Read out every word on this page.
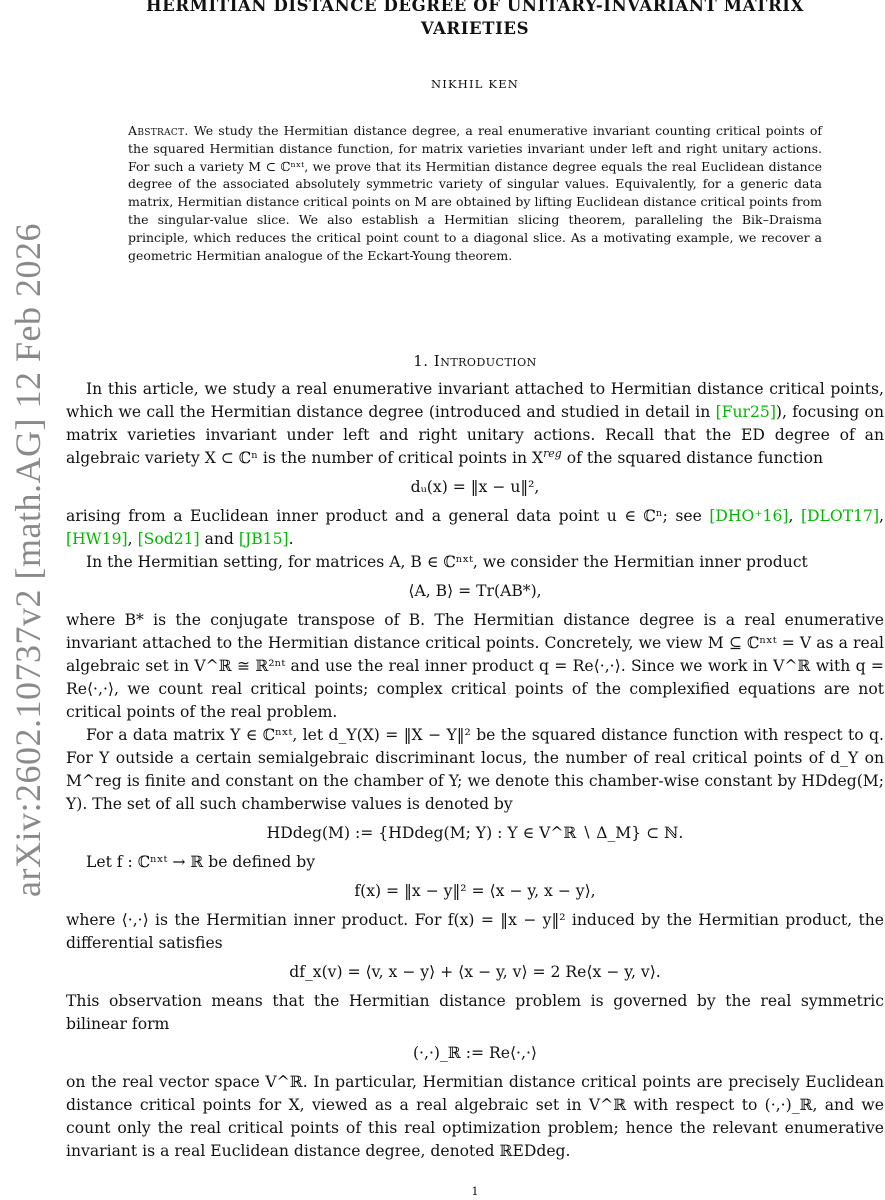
arXiv:2602.10737v2 [math.AG] 12 Feb 2026
HERMITIAN DISTANCE DEGREE OF UNITARY-INVARIANT MATRIX
VARIETIES
NIKHIL KEN
Abstract. We study the Hermitian distance degree, a real enumerative invariant counting critical points of the squared Hermitian distance function, for matrix varieties invariant under left and right unitary actions. For such a variety M ⊂ ℂⁿˣᵗ, we prove that its Hermitian distance degree equals the real Euclidean distance degree of the associated absolutely symmetric variety of singular values. Equivalently, for a generic data matrix, Hermitian distance critical points on M are obtained by lifting Euclidean distance critical points from the singular-value slice. We also establish a Hermitian slicing theorem, paralleling the Bik–Draisma principle, which reduces the critical point count to a diagonal slice. As a motivating example, we recover a geometric Hermitian analogue of the Eckart-Young theorem.
1. Introduction

In this article, we study a real enumerative invariant attached to Hermitian distance critical points, which we call the Hermitian distance degree (introduced and studied in detail in [Fur25]), focusing on matrix varieties invariant under left and right unitary actions. Recall that the ED degree of an algebraic variety X ⊂ ℂⁿ is the number of critical points in $X^{reg}$ of the squared distance function

dᵤ(x) = ‖x − u‖²,

arising from a Euclidean inner product and a general data point u ∈ ℂⁿ; see [DHO⁺16], [DLOT17], [HW19], [Sod21] and [JB15].

In the Hermitian setting, for matrices A, B ∈ ℂⁿˣᵗ, we consider the Hermitian inner product

⟨A, B⟩ = Tr(AB*),

where B* is the conjugate transpose of B. The Hermitian distance degree is a real enumerative invariant attached to the Hermitian distance critical points. Concretely, we view M ⊆ ℂⁿˣᵗ = V as a real algebraic set in V^ℝ ≅ ℝ²ⁿᵗ and use the real inner product q = Re⟨·,·⟩. Since we work in V^ℝ with q = Re⟨·,·⟩, we count real critical points; complex critical points of the complexified equations are not critical points of the real problem.

For a data matrix Y ∈ ℂⁿˣᵗ, let d_Y(X) = ‖X − Y‖² be the squared distance function with respect to q. For Y outside a certain semialgebraic discriminant locus, the number of real critical points of d_Y on M^reg is finite and constant on the chamber of Y; we denote this chamber-wise constant by HDdeg(M; Y). The set of all such chamberwise values is denoted by

HDdeg(M) := {HDdeg(M; Y) : Y ∈ V^ℝ ∖ Δ_M} ⊂ ℕ.

Let f : ℂⁿˣᵗ → ℝ be defined by

f(x) = ‖x − y‖² = ⟨x − y, x − y⟩,

where ⟨·,·⟩ is the Hermitian inner product. For f(x) = ‖x − y‖² induced by the Hermitian product, the differential satisfies

df_x(v) = ⟨v, x − y⟩ + ⟨x − y, v⟩ = 2 Re⟨x − y, v⟩.

This observation means that the Hermitian distance problem is governed by the real symmetric bilinear form

(·,·)_ℝ := Re⟨·,·⟩

on the real vector space V^ℝ. In particular, Hermitian distance critical points are precisely Euclidean distance critical points for X, viewed as a real algebraic set in V^ℝ with respect to (·,·)_ℝ, and we count only the real critical points of this real optimization problem; hence the relevant enumerative invariant is a real Euclidean distance degree, denoted ℝEDdeg.

1
